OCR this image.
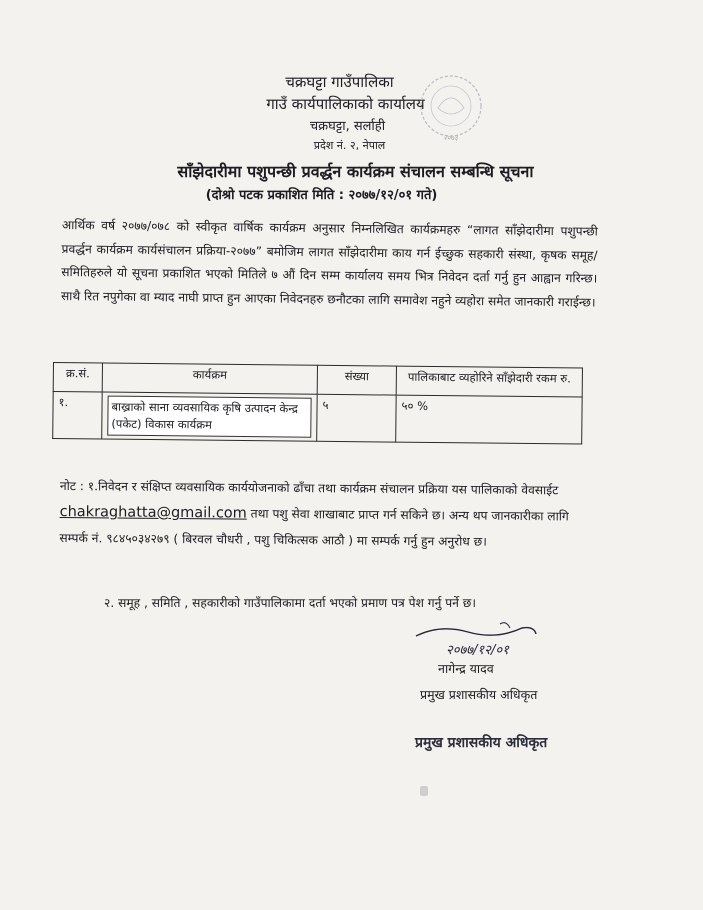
चक्रघट्टा गाउँपालिका
गाउँ कार्यपालिकाको कार्यालय
चक्रघट्टा, सर्लाही
प्रदेश नं. २, नेपाल
साँझेदारीमा पशुपन्छी प्रवर्द्धन कार्यक्रम संचालन सम्बन्धि सूचना
(दोश्रो पटक प्रकाशित मिति : २०७७/१२/०१ गते)
२०७३
आर्थिक वर्ष २०७७/०७८ को स्वीकृत वार्षिक कार्यक्रम अनुसार निम्नलिखित कार्यक्रमहरु “लागत साँझेदारीमा पशुपन्छी प्रवर्द्धन कार्यक्रम कार्यसंचालन प्रक्रिया-२०७७” बमोजिम लागत साँझेदारीमा काय गर्न ईच्छुक सहकारी संस्था, कृषक समूह/समितिहरुले यो सूचना प्रकाशित भएको मितिले ७ औं दिन सम्म कार्यालय समय भित्र निवेदन दर्ता गर्नु हुन आह्वान गरिन्छ। साथै रित नपुगेका वा म्याद नाघी प्राप्त हुन आएका निवेदनहरु छनौटका लागि समावेश नहुने व्यहोरा समेत जानकारी गराईन्छ।
क्र.सं.	कार्यक्रम	संख्या	पालिकाबाट व्यहोरिने साँझेदारी रकम रु.
१.	बाख्राको साना व्यवसायिक कृषि उत्पादन केन्द्र (पकेट) विकास कार्यक्रम	५	५० %
नोट : १.निवेदन र संक्षिप्त व्यवसायिक कार्ययोजनाको ढाँचा तथा कार्यक्रम संचालन प्रक्रिया यस पालिकाको वेवसाईट chakraghatta@gmail.com तथा पशु सेवा शाखाबाट प्राप्त गर्न सकिने छ। अन्य थप जानकारीका लागि सम्पर्क नं. ९८४५०३४२७९ ( बिरवल चौधरी , पशु चिकित्सक आठौ ) मा सम्पर्क गर्नु हुन अनुरोध छ।
२. समूह , समिति , सहकारीको गाउँपालिकामा दर्ता भएको प्रमाण पत्र पेश गर्नु पर्ने छ।
२०७७/१२/०१
नागेन्द्र यादव
प्रमुख प्रशासकीय अधिकृत
प्रमुख प्रशासकीय अधिकृत
